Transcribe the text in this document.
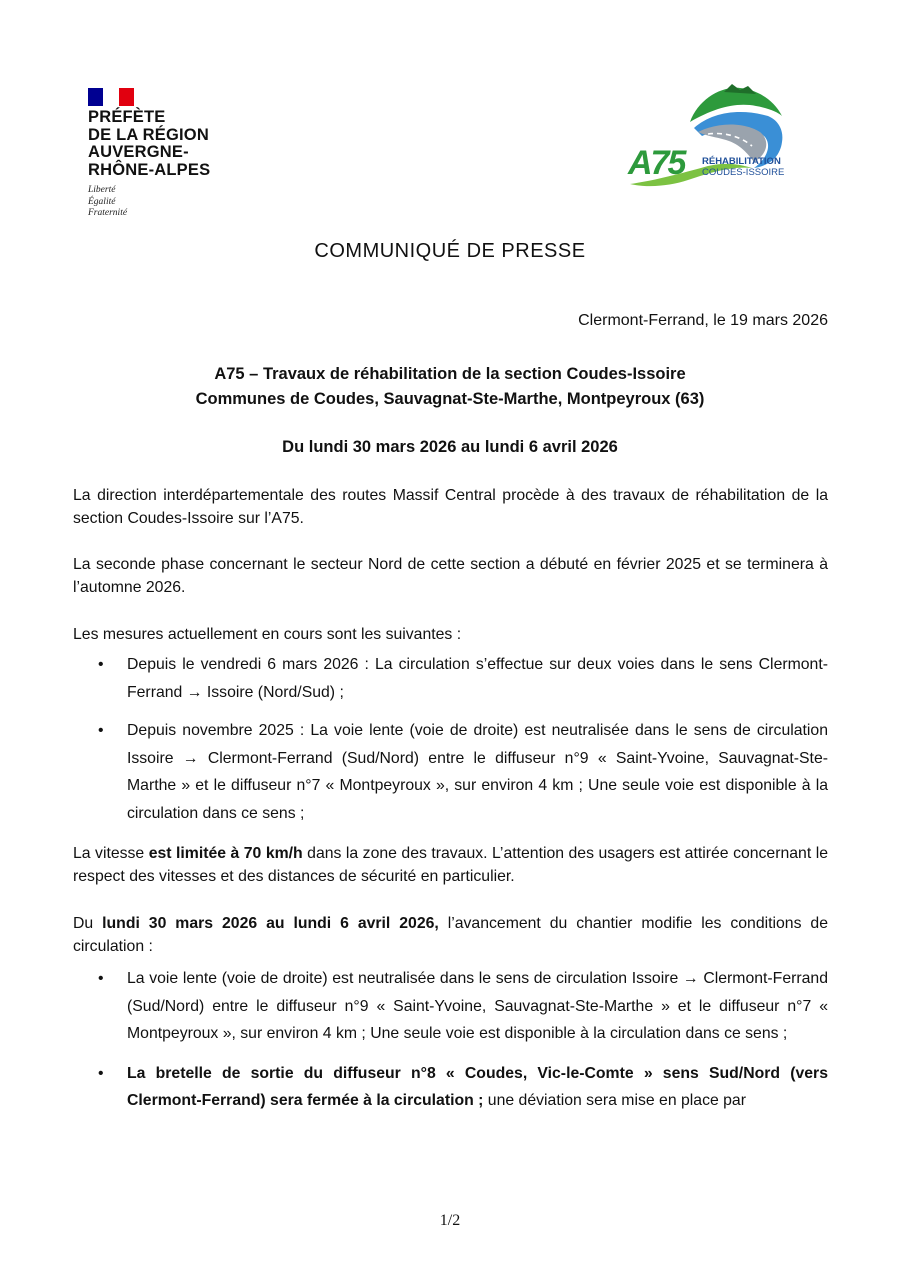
PRÉFÈTE
DE LA RÉGION
AUVERGNE-
RHÔNE-ALPES
Liberté
Égalité
Fraternité
A75 RÉHABILITATION
COUDES-ISSOIRE
COMMUNIQUÉ DE PRESSE
Clermont-Ferrand, le 19 mars 2026
A75 – Travaux de réhabilitation de la section Coudes-Issoire
Communes de Coudes, Sauvagnat-Ste-Marthe, Montpeyroux (63)
Du lundi 30 mars 2026 au lundi 6 avril 2026
La direction interdépartementale des routes Massif Central procède à des travaux de réhabilitation de la section Coudes-Issoire sur l’A75.
La seconde phase concernant le secteur Nord de cette section a débuté en février 2025 et se terminera à l’automne 2026.
Les mesures actuellement en cours sont les suivantes :
• Depuis le vendredi 6 mars 2026 : La circulation s’effectue sur deux voies dans le sens Clermont-Ferrand → Issoire (Nord/Sud) ;
• Depuis novembre 2025 : La voie lente (voie de droite) est neutralisée dans le sens de circulation Issoire → Clermont-Ferrand (Sud/Nord) entre le diffuseur n°9 « Saint-Yvoine, Sauvagnat-Ste-Marthe » et le diffuseur n°7 « Montpeyroux », sur environ 4 km ; Une seule voie est disponible à la circulation dans ce sens ;
La vitesse est limitée à 70 km/h dans la zone des travaux. L’attention des usagers est attirée concernant le respect des vitesses et des distances de sécurité en particulier.
Du lundi 30 mars 2026 au lundi 6 avril 2026, l’avancement du chantier modifie les conditions de circulation :
• La voie lente (voie de droite) est neutralisée dans le sens de circulation Issoire → Clermont-Ferrand (Sud/Nord) entre le diffuseur n°9 « Saint-Yvoine, Sauvagnat-Ste-Marthe » et le diffuseur n°7 « Montpeyroux », sur environ 4 km ; Une seule voie est disponible à la circulation dans ce sens ;
• La bretelle de sortie du diffuseur n°8 « Coudes, Vic-le-Comte » sens Sud/Nord (vers Clermont-Ferrand) sera fermée à la circulation ; une déviation sera mise en place par
1/2
